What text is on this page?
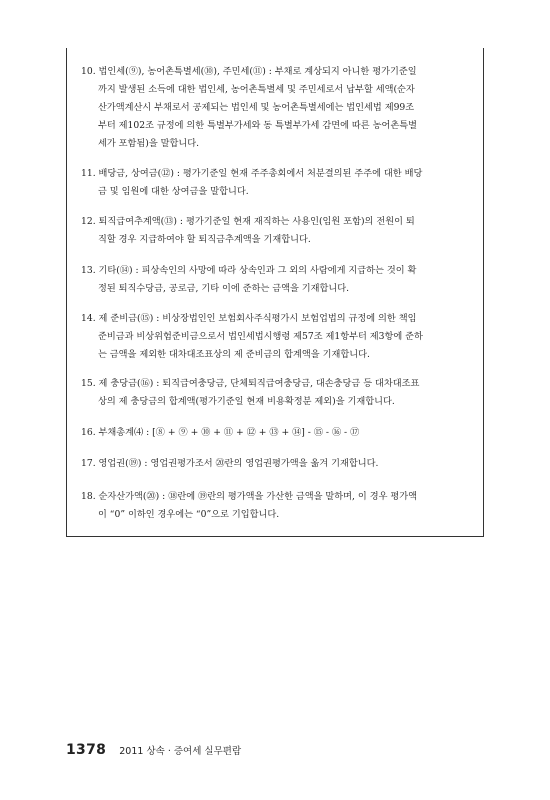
10. 법인세(⑨), 농어촌특별세(⑩), 주민세(⑪) : 부채로 계상되지 아니한 평가기준일
까지 발생된 소득에 대한 법인세, 농어촌특별세 및 주민세로서 납부할 세액(순자
산가액계산시 부채로서 공제되는 법인세 및 농어촌특별세에는 법인세법 제99조
부터 제102조 규정에 의한 특별부가세와 동 특별부가세 감면에 따른 농어촌특별
세가 포함됨)을 말합니다.
11. 배당금, 상여금(⑫) : 평가기준일 현재 주주총회에서 처분결의된 주주에 대한 배당
금 및 임원에 대한 상여금을 말합니다.
12. 퇴직급여추계액(⑬) : 평가기준일 현재 재직하는 사용인(임원 포함)의 전원이 퇴
직할 경우 지급하여야 할 퇴직금추계액을 기재합니다.
13. 기타(⑭) : 피상속인의 사망에 따라 상속인과 그 외의 사람에게 지급하는 것이 확
정된 퇴직수당금, 공로금, 기타 이에 준하는 금액을 기재합니다.
14. 제 준비금(⑮) : 비상장법인인 보험회사주식평가시 보험업법의 규정에 의한 책임
준비금과 비상위험준비금으로서 법인세법시행령 제57조 제1항부터 제3항에 준하
는 금액을 제외한 대차대조표상의 제 준비금의 합계액을 기재합니다.
15. 제 충당금(⑯) : 퇴직급여충당금, 단체퇴직급여충당금, 대손충당금 등 대차대조표
상의 제 충당금의 합계액(평가기준일 현재 비용확정분 제외)을 기재합니다.
16. 부채총계⑷ : [⑧ + ⑨ + ⑩ + ⑪ + ⑫ + ⑬ + ⑭] - ⑮ - ⑯ - ⑰
17. 영업권(⑲) : 영업권평가조서 ⑳란의 영업권평가액을 옮겨 기재합니다.
18. 순자산가액(⑳) : ⑱란에 ⑲란의 평가액을 가산한 금액을 말하며, 이 경우 평가액
이 “0” 이하인 경우에는 “0”으로 기입합니다.
1378 2011 상속 · 증여세 실무편람
